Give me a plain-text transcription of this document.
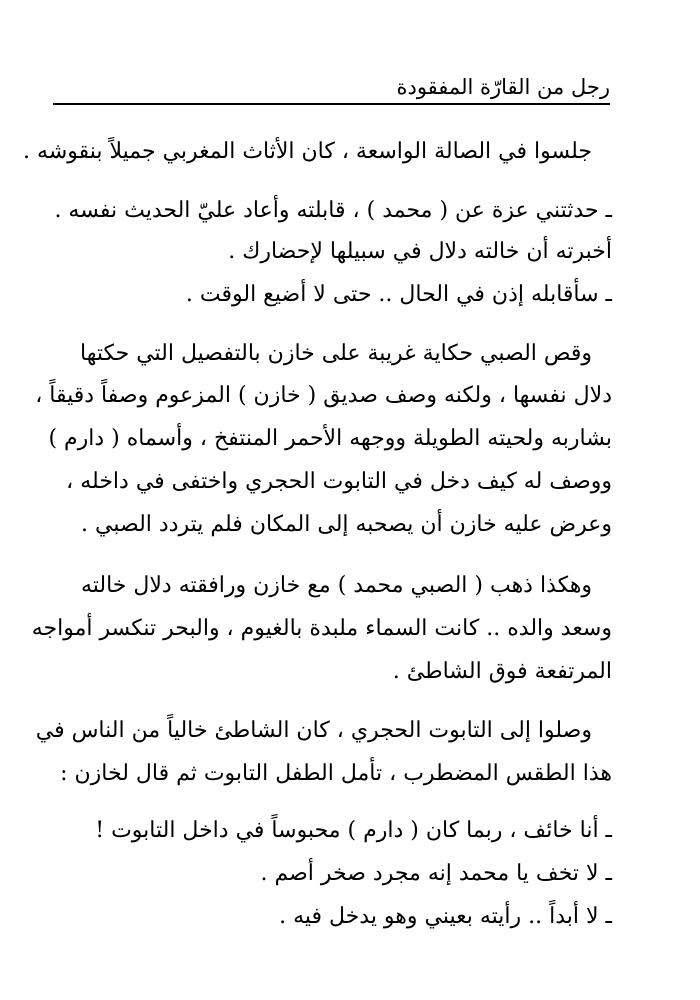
رجل من القارّة المفقودة
جلسوا في الصالة الواسعة ، كان الأثاث المغربي جميلاً بنقوشه .
ـ حدثتني عزة عن ( محمد ) ، قابلته وأعاد عليّ الحديث نفسه .
أخبرته أن خالته دلال في سبيلها لإحضارك .
ـ سأقابله إذن في الحال .. حتى لا أضيع الوقت .
وقص الصبي حكاية غريبة على خازن بالتفصيل التي حكتها
دلال نفسها ، ولكنه وصف صديق ( خازن ) المزعوم وصفاً دقيقاً ،
بشاربه ولحيته الطويلة ووجهه الأحمر المنتفخ ، وأسماه ( دارم )
ووصف له كيف دخل في التابوت الحجري واختفى في داخله ،
وعرض عليه خازن أن يصحبه إلى المكان فلم يتردد الصبي .
وهكذا ذهب ( الصبي محمد ) مع خازن ورافقته دلال خالته
وسعد والده .. كانت السماء ملبدة بالغيوم ، والبحر تنكسر أمواجه
المرتفعة فوق الشاطئ .
وصلوا إلى التابوت الحجري ، كان الشاطئ خالياً من الناس في
هذا الطقس المضطرب ، تأمل الطفل التابوت ثم قال لخازن :
ـ أنا خائف ، ربما كان ( دارم ) محبوساً في داخل التابوت !
ـ لا تخف يا محمد إنه مجرد صخر أصم .
ـ لا أبداً .. رأيته بعيني وهو يدخل فيه .
